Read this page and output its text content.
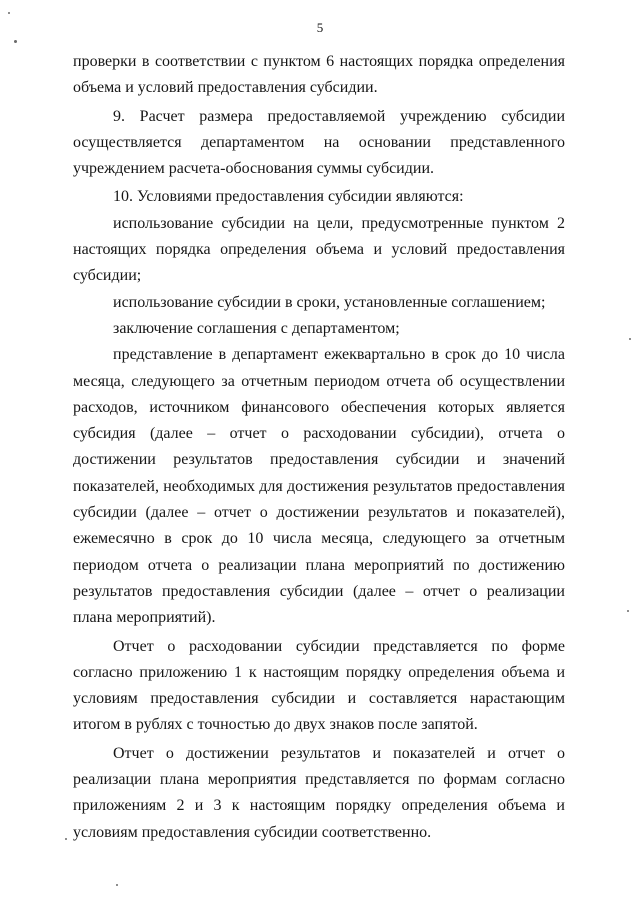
5

проверки в соответствии с пунктом 6 настоящих порядка определения объема и условий предоставления субсидии.

9. Расчет размера предоставляемой учреждению субсидии осуществляется департаментом на основании представленного учреждением расчета-обоснования суммы субсидии.

10. Условиями предоставления субсидии являются:

использование субсидии на цели, предусмотренные пунктом 2 настоящих порядка определения объема и условий предоставления субсидии;

использование субсидии в сроки, установленные соглашением;

заключение соглашения с департаментом;

представление в департамент ежеквартально в срок до 10 числа месяца, следующего за отчетным периодом отчета об осуществлении расходов, источником финансового обеспечения которых является субсидия (далее – отчет о расходовании субсидии), отчета о достижении результатов предоставления субсидии и значений показателей, необходимых для достижения результатов предоставления субсидии (далее – отчет о достижении результатов и показателей), ежемесячно в срок до 10 числа месяца, следующего за отчетным периодом отчета о реализации плана мероприятий по достижению результатов предоставления субсидии (далее – отчет о реализации плана мероприятий).

Отчет о расходовании субсидии представляется по форме согласно приложению 1 к настоящим порядку определения объема и условиям предоставления субсидии и составляется нарастающим итогом в рублях с точностью до двух знаков после запятой.

Отчет о достижении результатов и показателей и отчет о реализации плана мероприятия представляется по формам согласно приложениям 2 и 3 к настоящим порядку определения объема и условиям предоставления субсидии соответственно.
